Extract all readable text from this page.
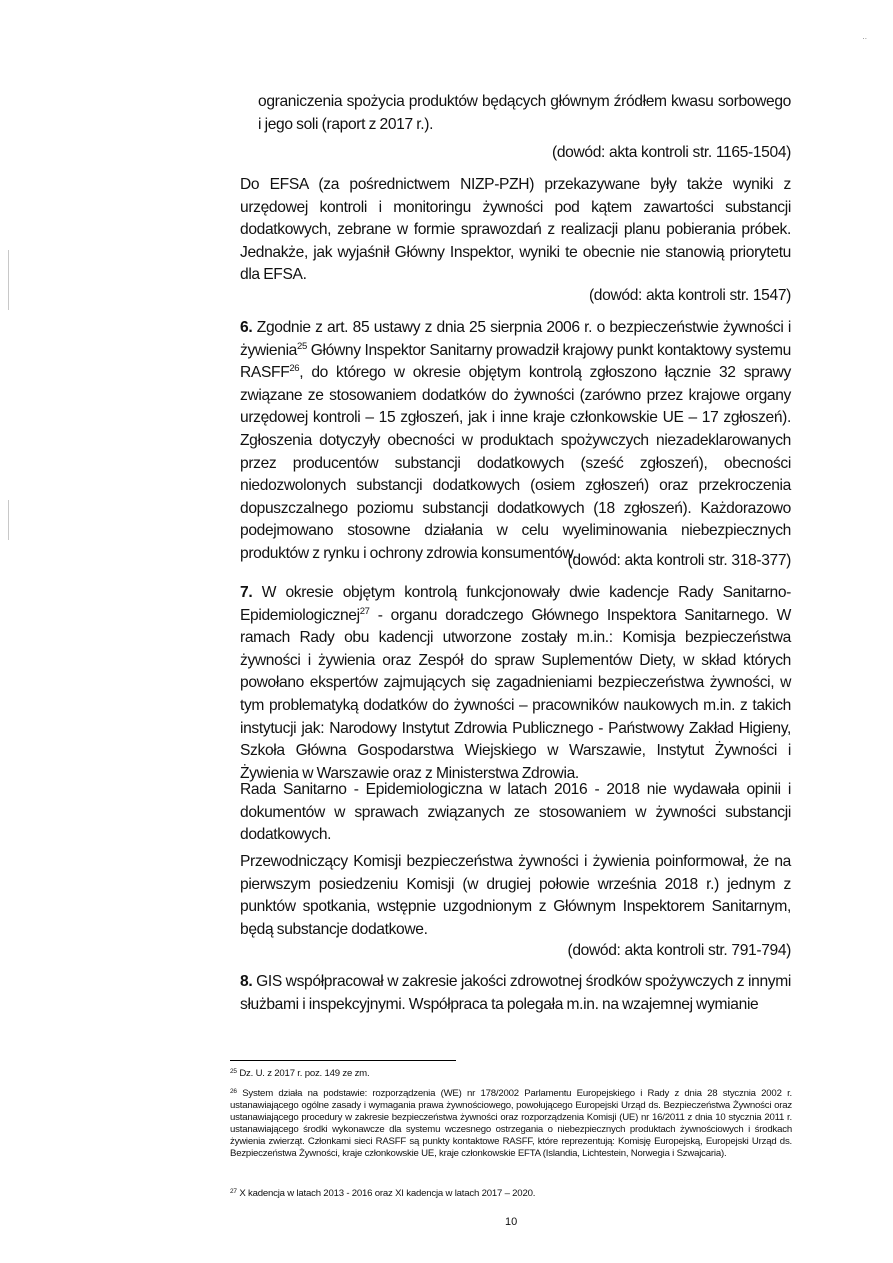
..

ograniczenia spożycia produktów będących głównym źródłem kwasu sorbowego i jego soli (raport z 2017 r.).

(dowód: akta kontroli str. 1165-1504)

Do EFSA (za pośrednictwem NIZP-PZH) przekazywane były także wyniki z urzędowej kontroli i monitoringu żywności pod kątem zawartości substancji dodatkowych, zebrane w formie sprawozdań z realizacji planu pobierania próbek. Jednakże, jak wyjaśnił Główny Inspektor, wyniki te obecnie nie stanowią priorytetu dla EFSA.

(dowód: akta kontroli str. 1547)

6. Zgodnie z art. 85 ustawy z dnia 25 sierpnia 2006 r. o bezpieczeństwie żywności i żywienia$^{25}$ Główny Inspektor Sanitarny prowadził krajowy punkt kontaktowy systemu RASFF$^{26}$, do którego w okresie objętym kontrolą zgłoszono łącznie 32 sprawy związane ze stosowaniem dodatków do żywności (zarówno przez krajowe organy urzędowej kontroli – 15 zgłoszeń, jak i inne kraje członkowskie UE – 17 zgłoszeń). Zgłoszenia dotyczyły obecności w produktach spożywczych niezadeklarowanych przez producentów substancji dodatkowych (sześć zgłoszeń), obecności niedozwolonych substancji dodatkowych (osiem zgłoszeń) oraz przekroczenia dopuszczalnego poziomu substancji dodatkowych (18 zgłoszeń). Każdorazowo podejmowano stosowne działania w celu wyeliminowania niebezpiecznych produktów z rynku i ochrony zdrowia konsumentów.

(dowód: akta kontroli str. 318-377)

7. W okresie objętym kontrolą funkcjonowały dwie kadencje Rady Sanitarno-Epidemiologicznej$^{27}$ - organu doradczego Głównego Inspektora Sanitarnego. W ramach Rady obu kadencji utworzone zostały m.in.: Komisja bezpieczeństwa żywności i żywienia oraz Zespół do spraw Suplementów Diety, w skład których powołano ekspertów zajmujących się zagadnieniami bezpieczeństwa żywności, w tym problematyką dodatków do żywności – pracowników naukowych m.in. z takich instytucji jak: Narodowy Instytut Zdrowia Publicznego - Państwowy Zakład Higieny, Szkoła Główna Gospodarstwa Wiejskiego w Warszawie, Instytut Żywności i Żywienia w Warszawie oraz z Ministerstwa Zdrowia.

Rada Sanitarno - Epidemiologiczna w latach 2016 - 2018 nie wydawała opinii i dokumentów w sprawach związanych ze stosowaniem w żywności substancji dodatkowych.

Przewodniczący Komisji bezpieczeństwa żywności i żywienia poinformował, że na pierwszym posiedzeniu Komisji (w drugiej połowie września 2018 r.) jednym z punktów spotkania, wstępnie uzgodnionym z Głównym Inspektorem Sanitarnym, będą substancje dodatkowe.

(dowód: akta kontroli str. 791-794)

8. GIS współpracował w zakresie jakości zdrowotnej środków spożywczych z innymi służbami i inspekcyjnymi. Współpraca ta polegała m.in. na wzajemnej wymianie

$^{25}$ Dz. U. z 2017 r. poz. 149 ze zm.

$^{26}$ System działa na podstawie: rozporządzenia (WE) nr 178/2002 Parlamentu Europejskiego i Rady z dnia 28 stycznia 2002 r. ustanawiającego ogólne zasady i wymagania prawa żywnościowego, powołującego Europejski Urząd ds. Bezpieczeństwa Żywności oraz ustanawiającego procedury w zakresie bezpieczeństwa żywności oraz rozporządzenia Komisji (UE) nr 16/2011 z dnia 10 stycznia 2011 r. ustanawiającego środki wykonawcze dla systemu wczesnego ostrzegania o niebezpiecznych produktach żywnościowych i środkach żywienia zwierząt. Członkami sieci RASFF są punkty kontaktowe RASFF, które reprezentują: Komisję Europejską, Europejski Urząd ds. Bezpieczeństwa Żywności, kraje członkowskie UE, kraje członkowskie EFTA (Islandia, Lichtestein, Norwegia i Szwajcaria).

$^{27}$ X kadencja w latach 2013 - 2016 oraz XI kadencja w latach 2017 – 2020.

10
